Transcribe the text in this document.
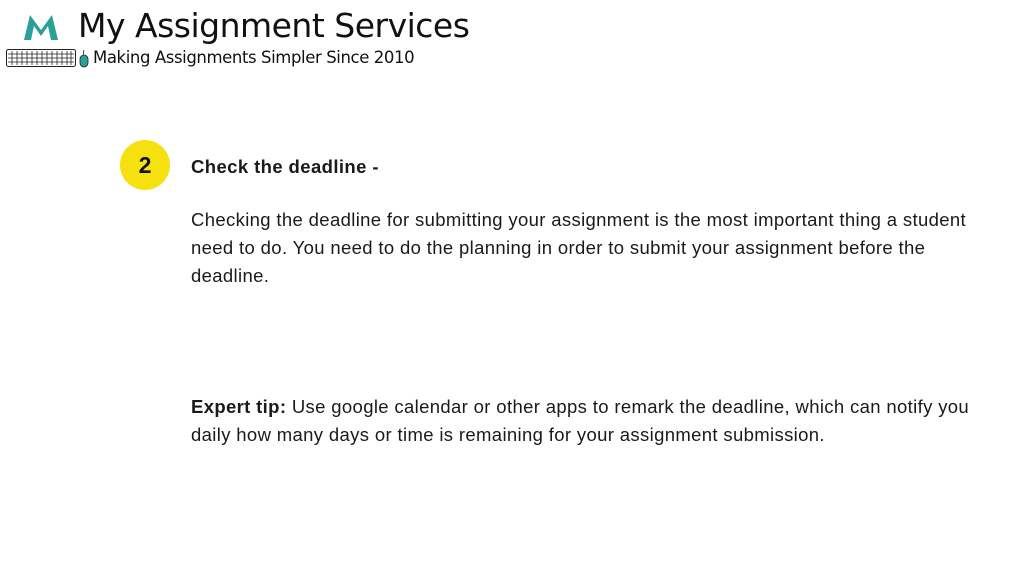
My Assignment Services
Making Assignments Simpler Since 2010
2	Check the deadline -

Checking the deadline for submitting your assignment is the most important thing a student need to do. You need to do the planning in order to submit your assignment before the deadline.

Expert tip: Use google calendar or other apps to remark the deadline, which can notify you daily how many days or time is remaining for your assignment submission.
